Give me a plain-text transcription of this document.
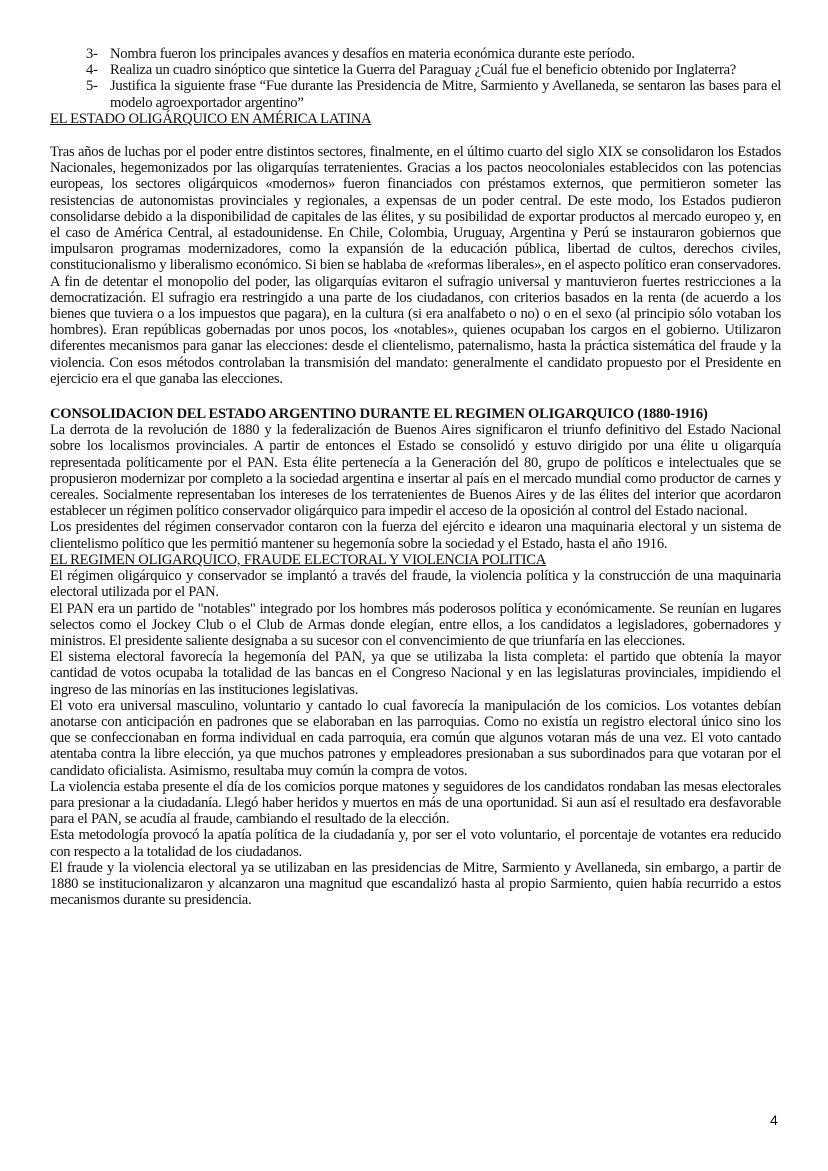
3- Nombra fueron los principales avances y desafíos en materia económica durante este período.
4- Realiza un cuadro sinóptico que sintetice la Guerra del Paraguay ¿Cuál fue el beneficio obtenido por Inglaterra?
5- Justifica la siguiente frase “Fue durante las Presidencia de Mitre, Sarmiento y Avellaneda, se sentaron las bases para el modelo agroexportador argentino”
EL ESTADO OLIGÁRQUICO EN AMÉRICA LATINA

Tras años de luchas por el poder entre distintos sectores, finalmente, en el último cuarto del siglo XIX se consolidaron los Estados Nacionales, hegemonizados por las oligarquías terratenientes. Gracias a los pactos neocoloniales establecidos con las potencias europeas, los sectores oligárquicos «modernos» fueron financiados con préstamos externos, que permitieron someter las resistencias de autonomistas provinciales y regionales, a expensas de un poder central. De este modo, los Estados pudieron consolidarse debido a la disponibilidad de capitales de las élites, y su posibilidad de exportar productos al mercado europeo y, en el caso de América Central, al estadounidense. En Chile, Colombia, Uruguay, Argentina y Perú se instauraron gobiernos que impulsaron programas modernizadores, como la expansión de la educación pública, libertad de cultos, derechos civiles, constitucionalismo y liberalismo económico. Si bien se hablaba de «reformas liberales», en el aspecto político eran conservadores. A fin de detentar el monopolio del poder, las oligarquías evitaron el sufragio universal y mantuvieron fuertes restricciones a la democratización. El sufragio era restringido a una parte de los ciudadanos, con criterios basados en la renta (de acuerdo a los bienes que tuviera o a los impuestos que pagara), en la cultura (si era analfabeto o no) o en el sexo (al principio sólo votaban los hombres). Eran repúblicas gobernadas por unos pocos, los «notables», quienes ocupaban los cargos en el gobierno. Utilizaron diferentes mecanismos para ganar las elecciones: desde el clientelismo, paternalismo, hasta la práctica sistemática del fraude y la violencia. Con esos métodos controlaban la transmisión del mandato: generalmente el candidato propuesto por el Presidente en ejercicio era el que ganaba las elecciones.

CONSOLIDACION DEL ESTADO ARGENTINO DURANTE EL REGIMEN OLIGARQUICO (1880-1916)

La derrota de la revolución de 1880 y la federalización de Buenos Aires significaron el triunfo definitivo del Estado Nacional sobre los localismos provinciales. A partir de entonces el Estado se consolidó y estuvo dirigido por una élite u oligarquía representada políticamente por el PAN. Esta élite pertenecía a la Generación del 80, grupo de políticos e intelectuales que se propusieron modernizar por completo a la sociedad argentina e insertar al país en el mercado mundial como productor de carnes y cereales. Socialmente representaban los intereses de los terratenientes de Buenos Aires y de las élites del interior que acordaron establecer un régimen político conservador oligárquico para impedir el acceso de la oposición al control del Estado nacional.

Los presidentes del régimen conservador contaron con la fuerza del ejército e idearon una maquinaria electoral y un sistema de clientelismo político que les permitió mantener su hegemonía sobre la sociedad y el Estado, hasta el año 1916.

EL REGIMEN OLIGARQUICO, FRAUDE ELECTORAL Y VIOLENCIA POLITICA

El régimen oligárquico y conservador se implantó a través del fraude, la violencia política y la construcción de una maquinaria electoral utilizada por el PAN.

El PAN era un partido de "notables" integrado por los hombres más poderosos política y económicamente. Se reunían en lugares selectos como el Jockey Club o el Club de Armas donde elegían, entre ellos, a los candidatos a legisladores, gobernadores y ministros. El presidente saliente designaba a su sucesor con el convencimiento de que triunfaría en las elecciones.

El sistema electoral favorecía la hegemonía del PAN, ya que se utilizaba la lista completa: el partido que obtenía la mayor cantidad de votos ocupaba la totalidad de las bancas en el Congreso Nacional y en las legislaturas provinciales, impidiendo el ingreso de las minorías en las instituciones legislativas.

El voto era universal masculino, voluntario y cantado lo cual favorecía la manipulación de los comicios. Los votantes debían anotarse con anticipación en padrones que se elaboraban en las parroquias. Como no existía un registro electoral único sino los que se confeccionaban en forma individual en cada parroquia, era común que algunos votaran más de una vez. El voto cantado atentaba contra la libre elección, ya que muchos patrones y empleadores presionaban a sus subordinados para que votaran por el candidato oficialista. Asimismo, resultaba muy común la compra de votos.

La violencia estaba presente el día de los comicios porque matones y seguidores de los candidatos rondaban las mesas electorales para presionar a la ciudadanía. Llegó haber heridos y muertos en más de una oportunidad. Si aun así el resultado era desfavorable para el PAN, se acudía al fraude, cambiando el resultado de la elección.

Esta metodología provocó la apatía política de la ciudadanía y, por ser el voto voluntario, el porcentaje de votantes era reducido con respecto a la totalidad de los ciudadanos.

El fraude y la violencia electoral ya se utilizaban en las presidencias de Mitre, Sarmiento y Avellaneda, sin embargo, a partir de 1880 se institucionalizaron y alcanzaron una magnitud que escandalizó hasta al propio Sarmiento, quien había recurrido a estos mecanismos durante su presidencia.

4
